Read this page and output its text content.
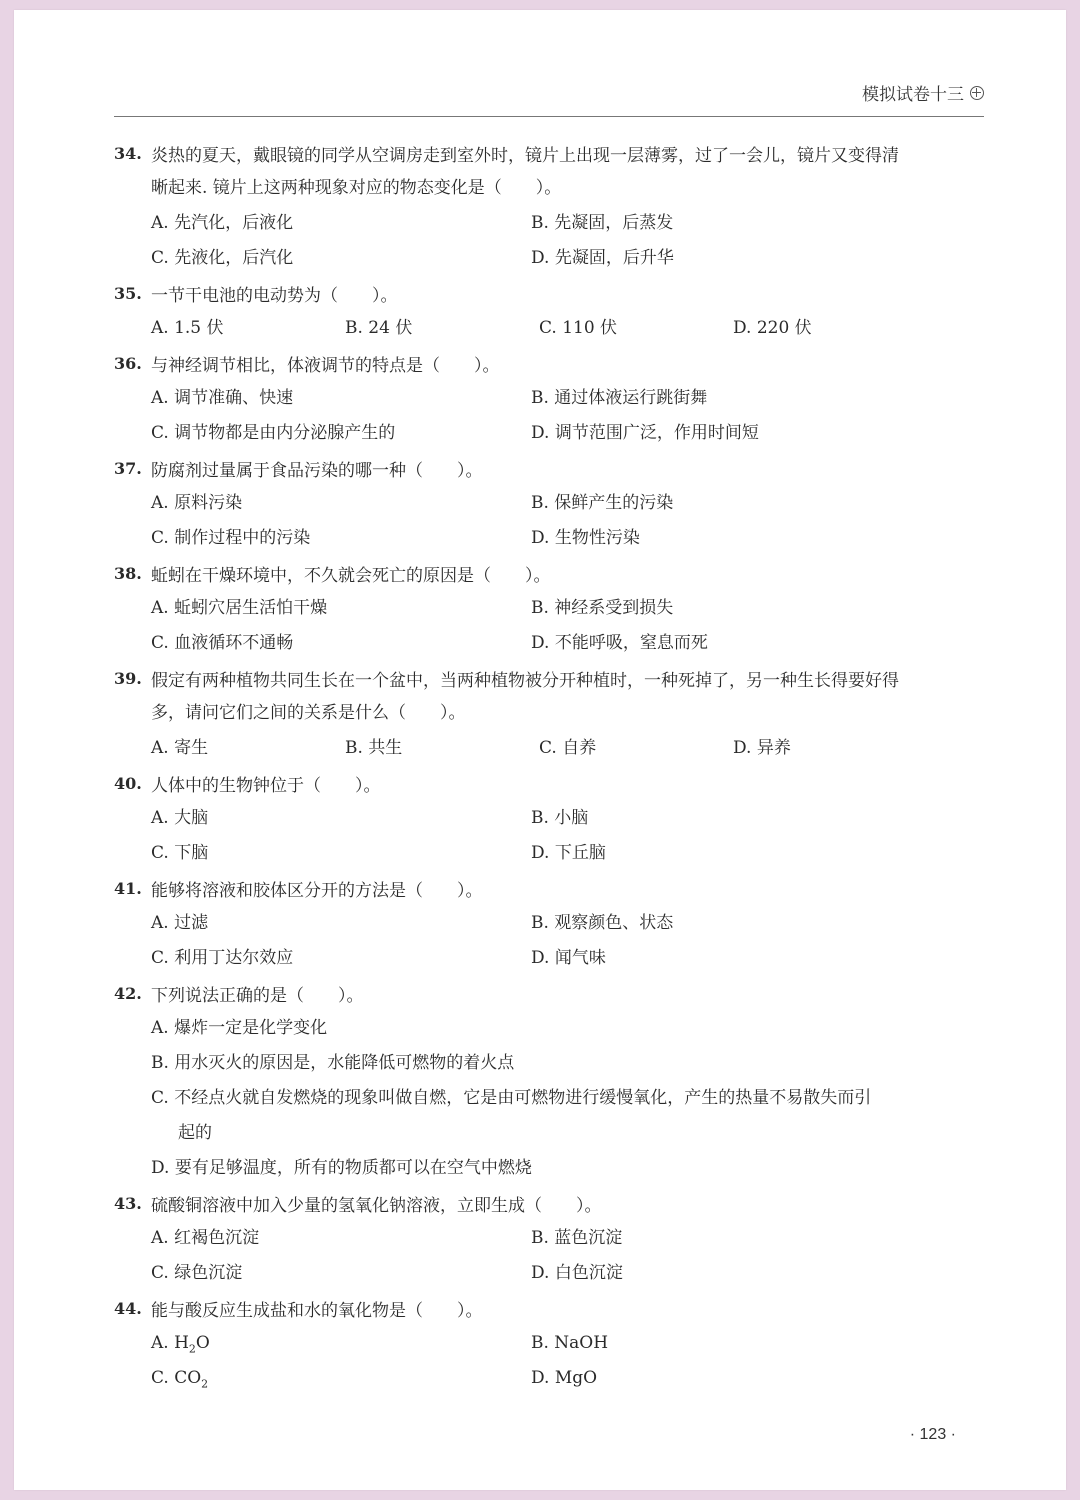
模拟试卷十三
34. 炎热的夏天，戴眼镜的同学从空调房走到室外时，镜片上出现一层薄雾，过了一会儿，镜片又变得清
晰起来. 镜片上这两种现象对应的物态变化是（　　）。
A. 先汽化，后液化	B. 先凝固，后蒸发
C. 先液化，后汽化	D. 先凝固，后升华
35. 一节干电池的电动势为（　　）。
A. 1.5 伏	B. 24 伏	C. 110 伏	D. 220 伏
36. 与神经调节相比，体液调节的特点是（　　）。
A. 调节准确、快速	B. 通过体液运行跳街舞
C. 调节物都是由内分泌腺产生的	D. 调节范围广泛，作用时间短
37. 防腐剂过量属于食品污染的哪一种（　　）。
A. 原料污染	B. 保鲜产生的污染
C. 制作过程中的污染	D. 生物性污染
38. 蚯蚓在干燥环境中，不久就会死亡的原因是（　　）。
A. 蚯蚓穴居生活怕干燥	B. 神经系受到损失
C. 血液循环不通畅	D. 不能呼吸，窒息而死
39. 假定有两种植物共同生长在一个盆中，当两种植物被分开种植时，一种死掉了，另一种生长得要好得
多，请问它们之间的关系是什么（　　）。
A. 寄生	B. 共生	C. 自养	D. 异养
40. 人体中的生物钟位于（　　）。
A. 大脑	B. 小脑
C. 下脑	D. 下丘脑
41. 能够将溶液和胶体区分开的方法是（　　）。
A. 过滤	B. 观察颜色、状态
C. 利用丁达尔效应	D. 闻气味
42. 下列说法正确的是（　　）。
A. 爆炸一定是化学变化
B. 用水灭火的原因是，水能降低可燃物的着火点
C. 不经点火就自发燃烧的现象叫做自燃，它是由可燃物进行缓慢氧化，产生的热量不易散失而引
起的
D. 要有足够温度，所有的物质都可以在空气中燃烧
43. 硫酸铜溶液中加入少量的氢氧化钠溶液，立即生成（　　）。
A. 红褐色沉淀	B. 蓝色沉淀
C. 绿色沉淀	D. 白色沉淀
44. 能与酸反应生成盐和水的氧化物是（　　）。
A. $H_2O$	B. NaOH
C. $CO_2$	D. MgO
· 123 ·
